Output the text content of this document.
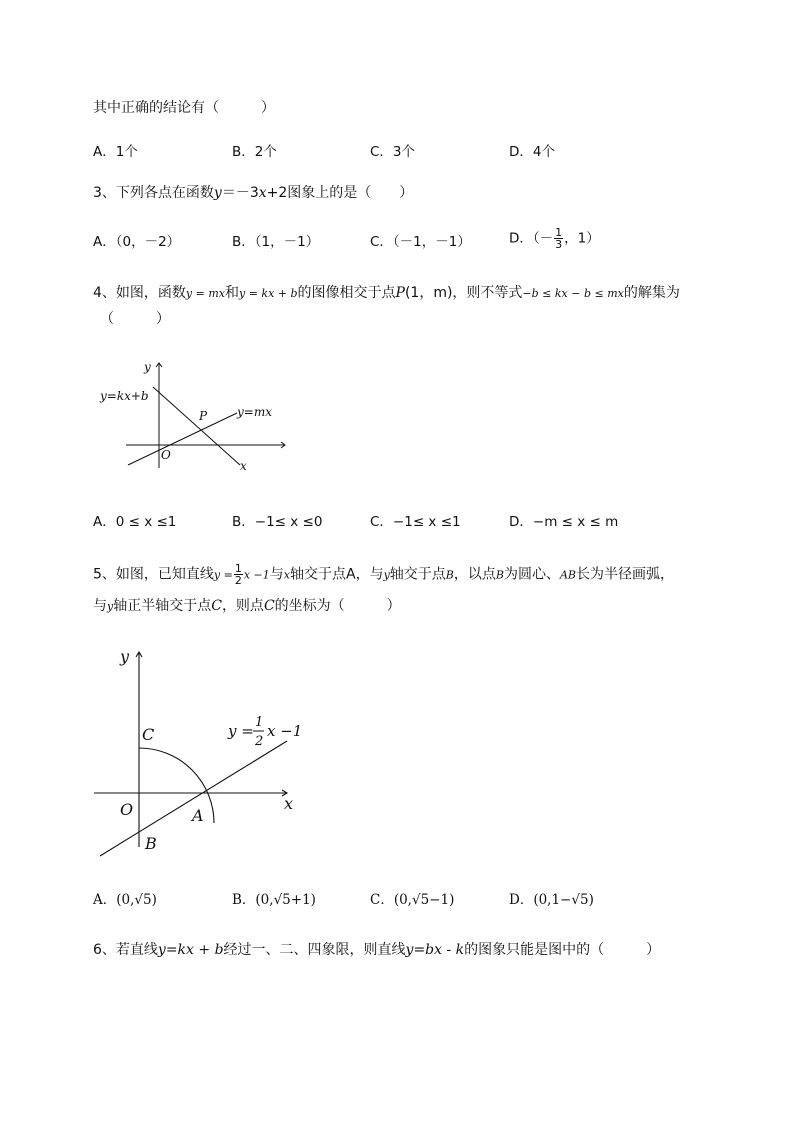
其中正确的结论有（　　　）
A．1个	B．2个	C．3个	D．4个
3、下列各点在函数y＝－3x+2图象上的是（　　）
A．（0，－2）	B．（1，－1）	C．（－1，－1）	D．（－ $\frac{1}{3}$ ，1）
4、如图，函数y = mx和y = kx + b的图像相交于点P(1，m)，则不等式−b ≤ kx − b ≤ mx的解集为
（　　　）
y
x
O
y=kx+b
y=mx
P
A．0 ≤ x ≤1	B．−1≤ x ≤0	C．−1≤ x ≤1	D．−m ≤ x ≤ m
5、如图，已知直线$y = \frac{1}{2}$ x −1与x轴交于点A，与y轴交于点B，以点B为圆心、AB长为半径画弧，
与y轴正半轴交于点C，则点C的坐标为（　　　）
y
x
O
C
A
B
y = 1
2
x −1
A．(0,√5)	B．(0,√5+1)	C．(0,√5−1)	D．(0,1−√5)
6、若直线y=kx + b经过一、二、四象限，则直线y=bx - k的图象只能是图中的（　　　）
